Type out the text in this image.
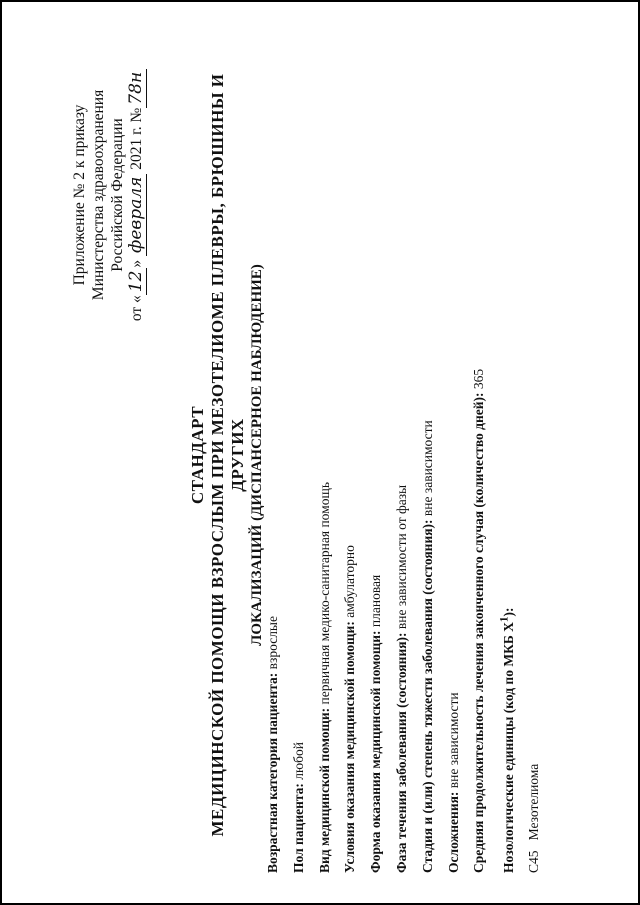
Приложение № 2 к приказу Министерства здравоохранения Российской Федерации
от «12» февраля 2021 г. №78н
СТАНДАРТ МЕДИЦИНСКОЙ ПОМОЩИ ВЗРОСЛЫМ ПРИ МЕЗОТЕЛИОМЕ ПЛЕВРЫ, БРЮШИНЫ И ДРУГИХ ЛОКАЛИЗАЦИЙ (ДИСПАНСЕРНОЕ НАБЛЮДЕНИЕ)
Возрастная категория пациента: взрослые
Пол пациента: любой Вид медицинской помощи: первичная медико-санитарная помощь
Условия оказания медицинской помощи: амбулаторно
Форма оказания медицинской помощи: плановая
Фаза течения заболевания (состояния): вне зависимости от фазы Стадия и (или) степень тяжести заболевания (состояния): вне зависимости
Осложнения: вне зависимости Средняя продолжительность лечения законченного случая (количество дней): 365
Нозологические единицы (код по МКБ $X^1$):
C45   Мезотелиома
